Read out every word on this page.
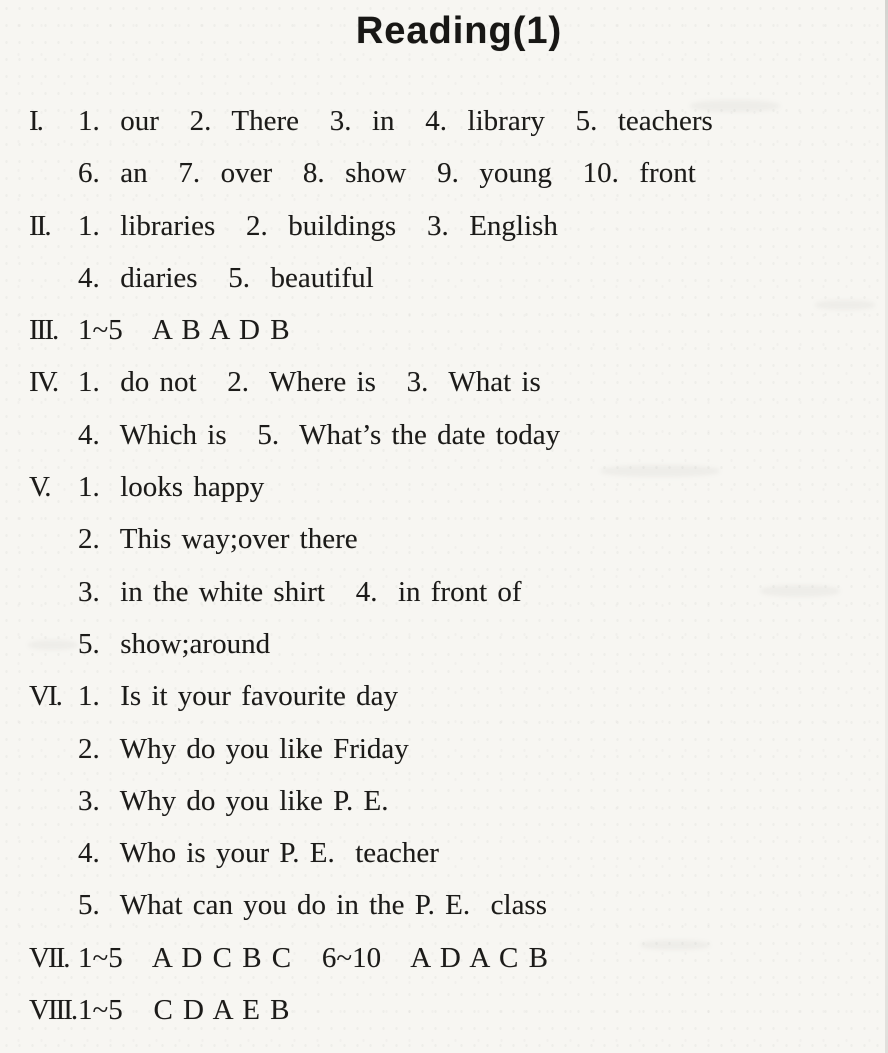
Reading(1)
I.	1.  our   2.  There   3.  in   4.  library   5.  teachers
6.  an   7.  over   8.  show   9.  young   10.  front
II. 1.  libraries   2.  buildings   3.  English
4.  diaries   5.  beautiful
III. 1~5   A B A D B
IV. 1.  do not   2.  Where is   3.  What is
4.  Which is   5.  What’s the date today
V. 1.  looks happy
2.  This way;over there
3.  in the white shirt   4.  in front of
5.  show;around
VI. 1.  Is it your favourite day
2.  Why do you like Friday
3.  Why do you like P. E.
4.  Who is your P. E.  teacher
5.  What can you do in the P. E.  class
VII. 1~5   A D C B C   6~10   A D A C B
VIII. 1~5   C D A E B
